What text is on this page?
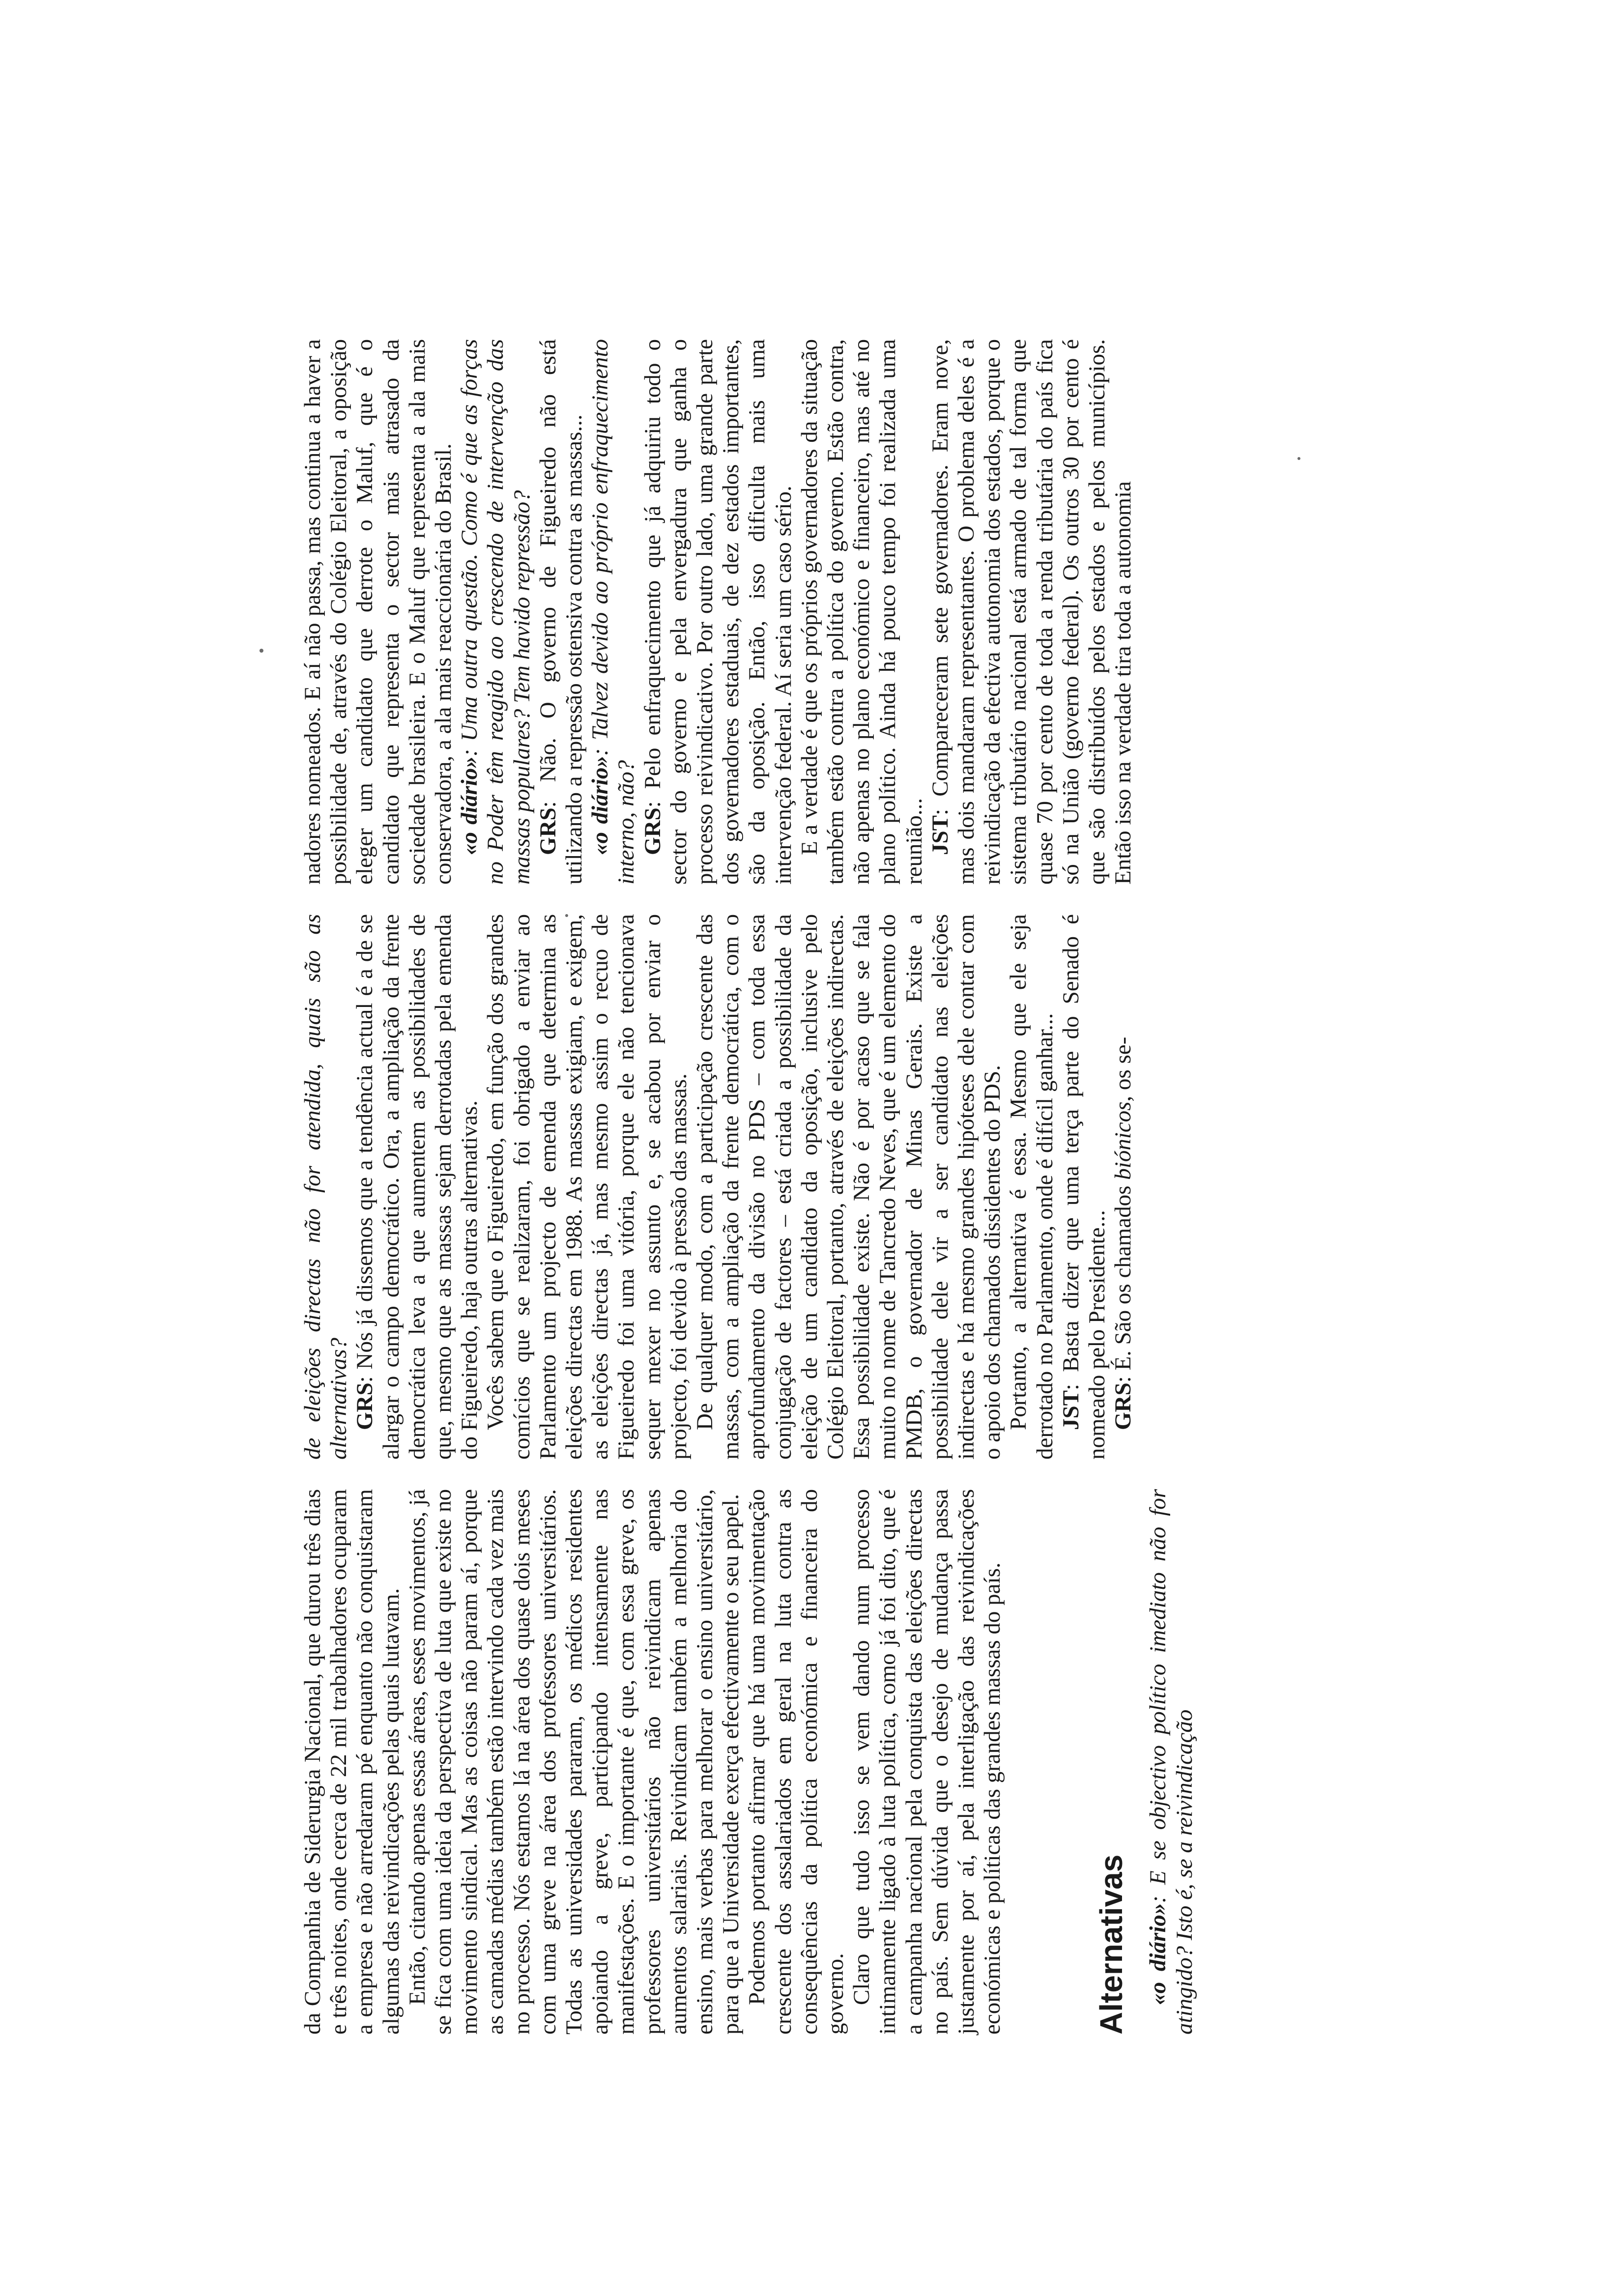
da Companhia de Siderurgia Nacional, que durou três dias e três noites, onde cerca de 22 mil trabalhadores ocuparam a empresa e não arredaram pé enquanto não conquistaram algumas das reivindicações pelas quais lutavam. Então, citando apenas essas áreas, esses movimentos, já se fica com uma ideia da perspectiva de luta que existe no movimento sindical. Mas as coisas não param aí, porque as camadas médias também estão intervindo cada vez mais no processo. Nós estamos lá na área dos quase dois meses com uma greve na área dos professores universitários. Todas as universidades pararam, os médicos residentes apoiando a greve, participando intensamente nas manifestações. E o importante é que, com essa greve, os professores universitários não reivindicam apenas aumentos salariais. Reivindicam também a melhoria do ensino, mais verbas para melhorar o ensino universitário, para que a Universidade exerça efectivamente o seu papel. Podemos portanto afirmar que há uma movimentação crescente dos assalariados em geral na luta contra as consequências da política económica e financeira do governo. Claro que tudo isso se vem dando num processo intimamente ligado à luta política, como já foi dito, que é a campanha nacional pela conquista das eleições directas no país. Sem dúvida que o desejo de mudança passa justamente por aí, pela interligação das reivindicações económicas e políticas das grandes massas do país.	Alternativas «o diário»: E se objectivo político imediato não for atingido? Isto é, se a reivindicação

de eleições directas não for atendida, quais são as alternativas? GRS: Nós já dissemos que a tendência actual é a de se alargar o campo democrático. Ora, a ampliação da frente democrática leva a que aumentem as possibilidades de que, mesmo que as massas sejam derrotadas pela emenda do Figueiredo, haja outras alternativas. Vocês sabem que o Figueiredo, em função dos grandes comícios que se realizaram, foi obrigado a enviar ao Parlamento um projecto de emenda que determina as eleições directas em 1988. As massas exigiam, e exigem, as eleições directas já, mas mesmo assim o recuo de Figueiredo foi uma vitória, porque ele não tencionava sequer mexer no assunto e, se acabou por enviar o projecto, foi devido à pressão das massas. De qualquer modo, com a participação crescente das massas, com a ampliação da frente democrática, com o aprofundamento da divisão no PDS – com toda essa conjugação de factores – está criada a possibilidade da eleição de um candidato da oposição, inclusive pelo Colégio Eleitoral, portanto, através de eleições indirectas. Essa possibilidade existe. Não é por acaso que se fala muito no nome de Tancredo Neves, que é um elemento do PMDB, o governador de Minas Gerais. Existe a possibilidade dele vir a ser candidato nas eleições indirectas e há mesmo grandes hipóteses dele contar com o apoio dos chamados dissidentes do PDS. Portanto, a alternativa é essa. Mesmo que ele seja derrotado no Parlamento, onde é difícil ganhar... JST: Basta dizer que uma terça parte do Senado é nomeado pelo Presidente... GRS: É. São os chamados biónicos, os se-

nadores nomeados. E aí não passa, mas continua a haver a possibilidade de, através do Colégio Eleitoral, a oposição eleger um candidato que derrote o Maluf, que é o candidato que representa o sector mais atrasado da sociedade brasileira. E o Maluf que representa a ala mais conservadora, a ala mais reaccionária do Brasil. «o diário»: Uma outra questão. Como é que as forças no Poder têm reagido ao crescendo de intervenção das massas populares? Tem havido repressão? GRS: Não. O governo de Figueiredo não está utilizando a repressão ostensiva contra as massas... «o diário»: Talvez devido ao próprio enfraquecimento interno, não? GRS: Pelo enfraquecimento que já adquiriu todo o sector do governo e pela envergadura que ganha o processo reivindicativo. Por outro lado, uma grande parte dos governadores estaduais, de dez estados importantes, são da oposição. Então, isso dificulta mais uma intervenção federal. Aí seria um caso sério. E a verdade é que os próprios governadores da situação também estão contra a política do governo. Estão contra, não apenas no plano económico e financeiro, mas até no plano político. Ainda há pouco tempo foi realizada uma reunião... JST: Compareceram sete governadores. Eram nove, mas dois mandaram representantes. O problema deles é a reivindicação da efectiva autonomia dos estados, porque o sistema tributário nacional está armado de tal forma que quase 70 por cento de toda a renda tributária do país fica só na União (governo federal). Os outros 30 por cento é que são distribuídos pelos estados e pelos municípios. Então isso na verdade tira toda a autonomia
